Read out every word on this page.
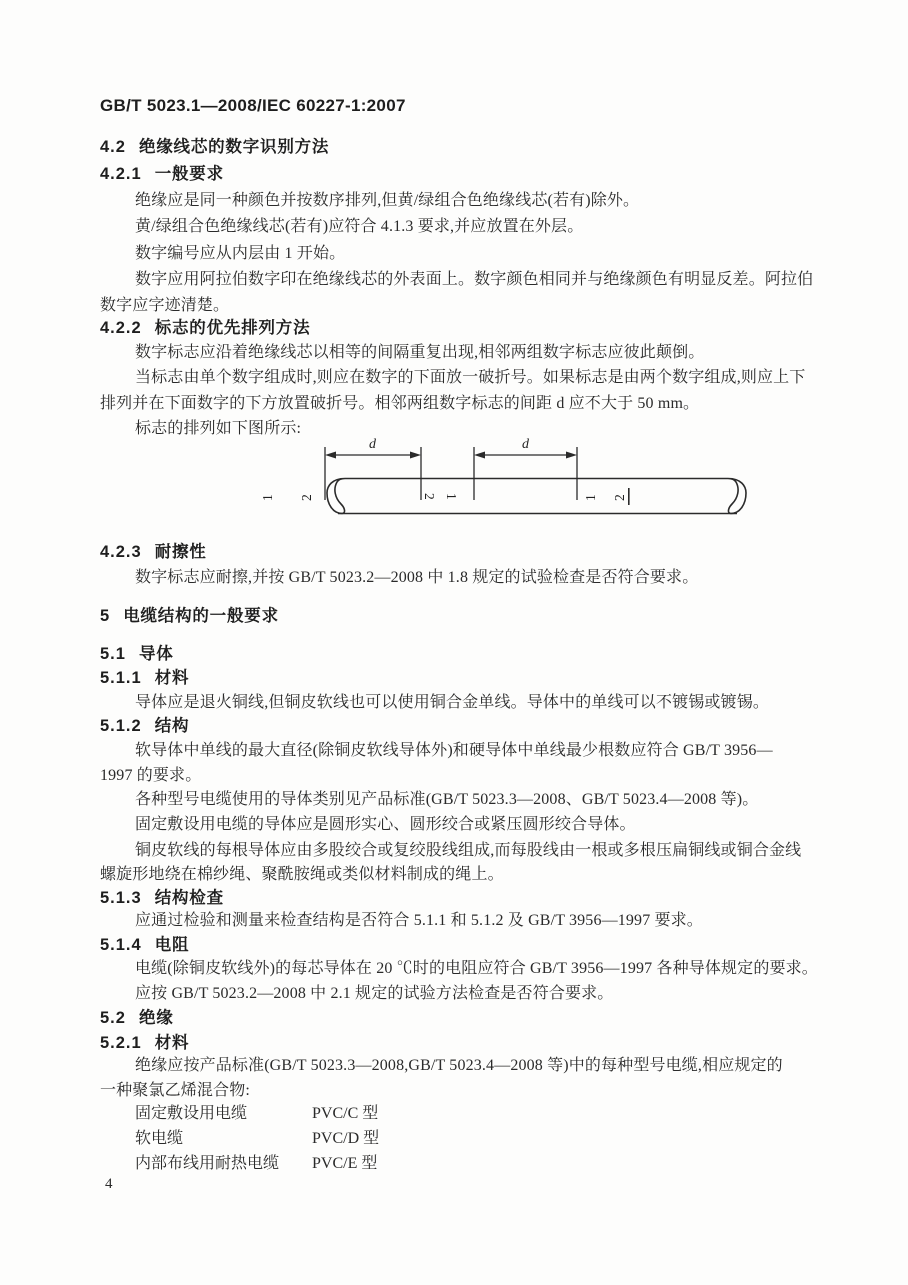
GB/T 5023.1—2008/IEC 60227-1:2007
4.2 绝缘线芯的数字识别方法
4.2.1 一般要求
绝缘应是同一种颜色并按数序排列,但黄/绿组合色绝缘线芯(若有)除外。
黄/绿组合色绝缘线芯(若有)应符合 4.1.3 要求,并应放置在外层。
数字编号应从内层由 1 开始。
数字应用阿拉伯数字印在绝缘线芯的外表面上。数字颜色相同并与绝缘颜色有明显反差。阿拉伯
数字应字迹清楚。
4.2.2 标志的优先排列方法
数字标志应沿着绝缘线芯以相等的间隔重复出现,相邻两组数字标志应彼此颠倒。
当标志由单个数字组成时,则应在数字的下面放一破折号。如果标志是由两个数字组成,则应上下
排列并在下面数字的下方放置破折号。相邻两组数字标志的间距 d 应不大于 50 mm。
标志的排列如下图所示:
d	d
1 2	2 1	1 2
4.2.3 耐擦性
数字标志应耐擦,并按 GB/T 5023.2—2008 中 1.8 规定的试验检查是否符合要求。
5 电缆结构的一般要求
5.1 导体
5.1.1 材料
导体应是退火铜线,但铜皮软线也可以使用铜合金单线。导体中的单线可以不镀锡或镀锡。
5.1.2 结构
软导体中单线的最大直径(除铜皮软线导体外)和硬导体中单线最少根数应符合 GB/T 3956—
1997 的要求。
各种型号电缆使用的导体类别见产品标准(GB/T 5023.3—2008、GB/T 5023.4—2008 等)。
固定敷设用电缆的导体应是圆形实心、圆形绞合或紧压圆形绞合导体。
铜皮软线的每根导体应由多股绞合或复绞股线组成,而每股线由一根或多根压扁铜线或铜合金线
螺旋形地绕在棉纱绳、聚酰胺绳或类似材料制成的绳上。
5.1.3 结构检查
应通过检验和测量来检查结构是否符合 5.1.1 和 5.1.2 及 GB/T 3956—1997 要求。
5.1.4 电阻
电缆(除铜皮软线外)的每芯导体在 20 ℃时的电阻应符合 GB/T 3956—1997 各种导体规定的要求。
应按 GB/T 5023.2—2008 中 2.1 规定的试验方法检查是否符合要求。
5.2 绝缘
5.2.1 材料
绝缘应按产品标准(GB/T 5023.3—2008,GB/T 5023.4—2008 等)中的每种型号电缆,相应规定的
一种聚氯乙烯混合物:
固定敷设用电缆	PVC/C 型
软电缆	PVC/D 型
内部布线用耐热电缆 PVC/E 型
4
